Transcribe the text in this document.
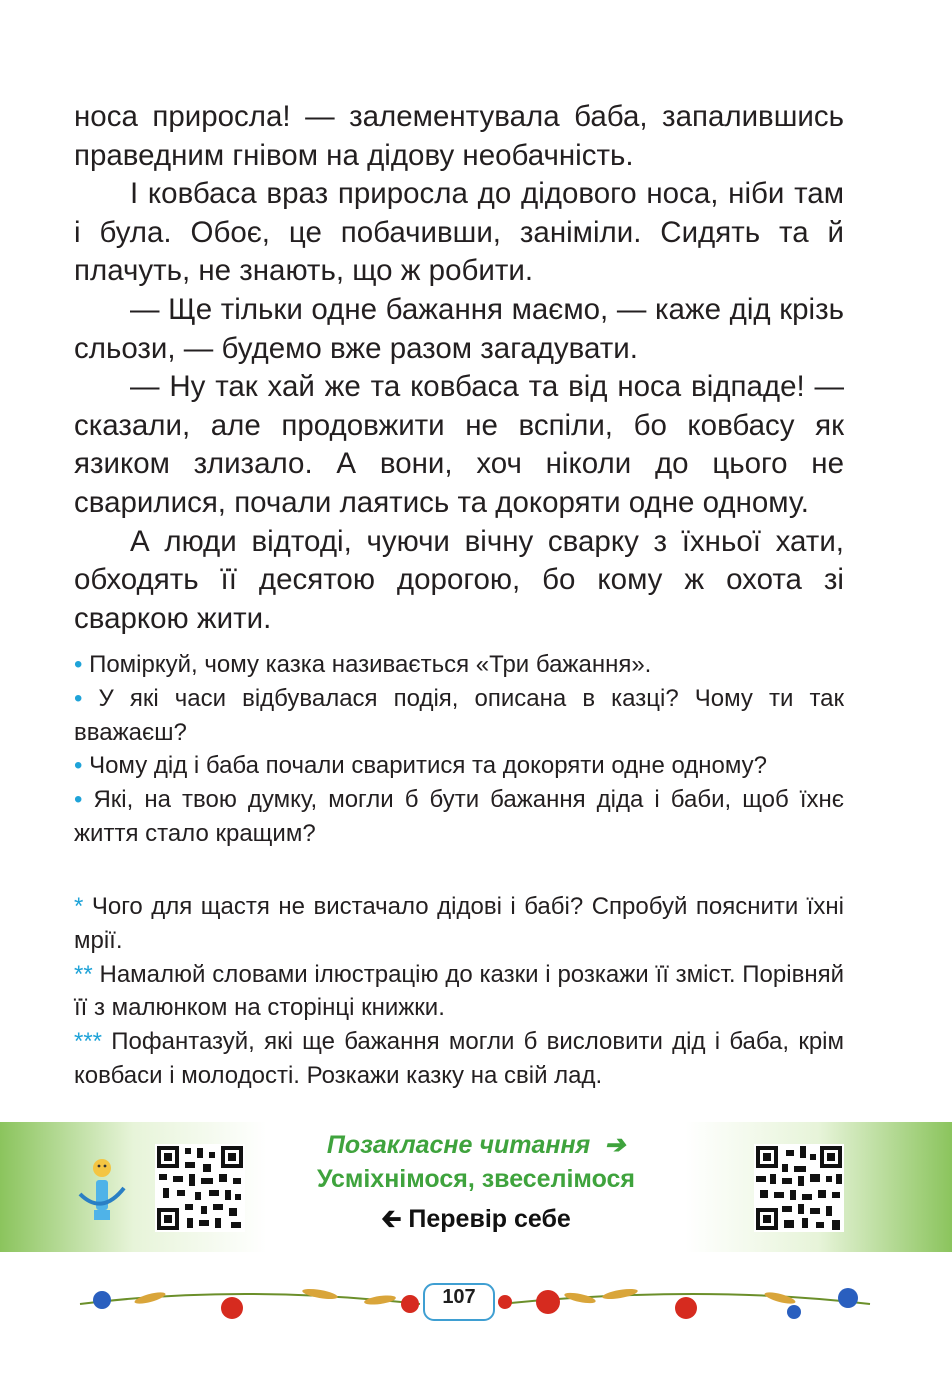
носа приросла! — залементувала баба, запалившись праведним гнівом на дідову необачність.

І ковбаса враз приросла до дідового носа, ніби там і була. Обоє, це побачивши, заніміли. Сидять та й плачуть, не знають, що ж робити.

— Ще тільки одне бажання маємо, — каже дід крізь сльози, — будемо вже разом загадувати.

— Ну так хай же та ковбаса та від носа відпаде! — сказали, але продовжити не вспіли, бо ковбасу як язиком злизало. А вони, хоч ніколи до цього не сварилися, почали лаятись та докоряти одне одному.

А люди відтоді, чуючи вічну сварку з їхньої хати, обходять її десятою дорогою, бо кому ж охота зі сваркою жити.

• Поміркуй, чому казка називається «Три бажання».

• У які часи відбувалася подія, описана в казці? Чому ти так вважаєш?

• Чому дід і баба почали сваритися та докоряти одне одному?

• Які, на твою думку, могли б бути бажання діда і баби, щоб їхнє життя стало кращим?

* Чого для щастя не вистачало дідові і бабі? Спробуй пояснити їхні мрії.

** Намалюй словами ілюстрацію до казки і розкажи її зміст. Порівняй її з малюнком на сторінці книжки.

*** Пофантазуй, які ще бажання могли б висловити дід і баба, крім ковбаси і молодості. Розкажи казку на свій лад.

Позакласне читання ➔
Усміхнімося, звеселімося
🡰 Перевір себе
107
